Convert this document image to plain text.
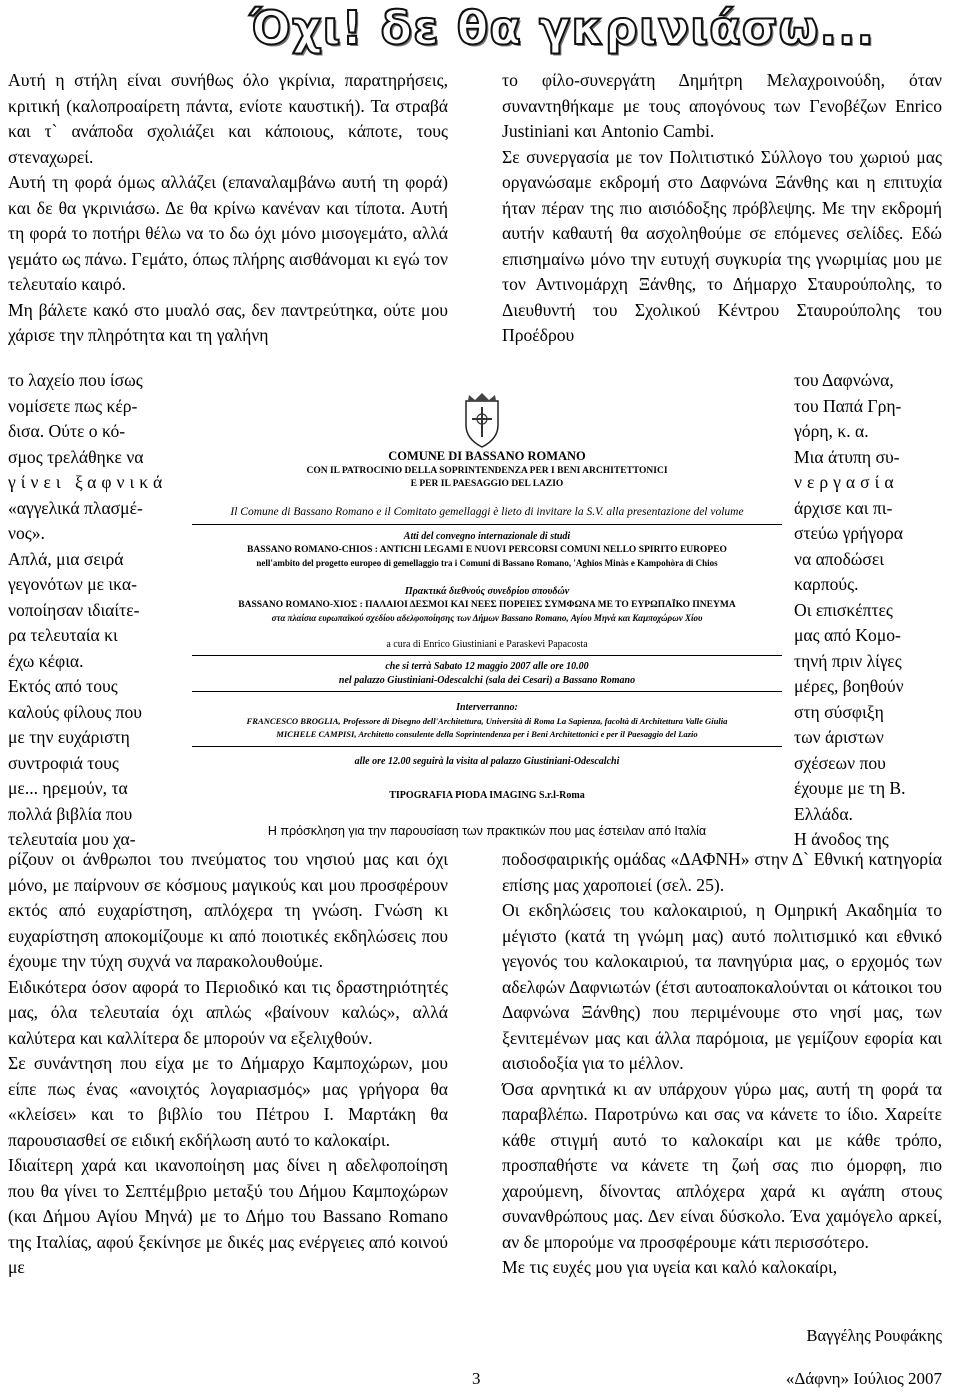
Όχι! δε θα γκρινιάσω...

Αυτή η στήλη είναι συνήθως όλο γκρίνια, παρατηρήσεις, κριτική (καλοπροαίρετη πάντα, ενίοτε καυστική). Τα στραβά και τ` ανάποδα σχολιάζει και κάποιους, κάποτε, τους στεναχωρεί.

Αυτή τη φορά όμως αλλάζει (επαναλαμβάνω αυτή τη φορά) και δε θα γκρινιάσω. Δε θα κρίνω κανέναν και τίποτα. Αυτή τη φορά το ποτήρι θέλω να το δω όχι μόνο μισογεμάτο, αλλά γεμάτο ως πάνω. Γεμάτο, όπως πλήρης αισθάνομαι κι εγώ τον τελευταίο καιρό.

Μη βάλετε κακό στο μυαλό σας, δεν παντρεύτηκα, ούτε μου χάρισε την πληρότητα και τη γαλήνη

το φίλο-συνεργάτη Δημήτρη Μελαχροινούδη, όταν συναντηθήκαμε με τους απογόνους των Γενοβέζων Enrico Justiniani και Antonio Cambi.

Σε συνεργασία με τον Πολιτιστικό Σύλλογο του χωριού μας οργανώσαμε εκδρομή στο Δαφνώνα Ξάνθης και η επιτυχία ήταν πέραν της πιο αισιόδοξης πρόβλεψης. Με την εκδρομή αυτήν καθαυτή θα ασχοληθούμε σε επόμενες σελίδες. Εδώ επισημαίνω μόνο την ευτυχή συγκυρία της γνωριμίας μου με τον Αντινομάρχη Ξάνθης, το Δήμαρχο Σταυρούπολης, το Διευθυντή του Σχολικού Κέντρου Σταυρούπολης του Προέδρου

το λαχείο που ίσως
νομίσετε πως κέρ-
δισα. Ούτε ο κό-
σμος τρελάθηκε να
γίνει ξαφνικά
«αγγελικά πλασμέ-
νος».
Απλά, μια σειρά
γεγονότων με ικα-
νοποίησαν ιδιαίτε-
ρα τελευταία κι
έχω κέφια.
Εκτός από τους
καλούς φίλους που
με την ευχάριστη
συντροφιά τους
με... ηρεμούν, τα
πολλά βιβλία που
τελευταία μου χα-
του Δαφνώνα,
του Παπά Γρη-
γόρη, κ. α.
Μια άτυπη συ-
νεργασία
άρχισε και πι-
στεύω γρήγορα
να αποδώσει
καρπούς.
Οι επισκέπτες
μας από Κομο-
τηνή πριν λίγες
μέρες, βοηθούν
στη σύσφιξη
των άριστων
σχέσεων που
έχουμε με τη Β.
Ελλάδα.
Η άνοδος της
COMUNE DI BASSANO ROMANO
CON IL PATROCINIO DELLA SOPRINTENDENZA PER I BENI ARCHITETTONICI
E PER IL PAESAGGIO DEL LAZIO
Il Comune di Bassano Romano e il Comitato gemellaggi è lieto di invitare la S.V. alla presentazione del volume
Atti del convegno internazionale di studi
BASSANO ROMANO-CHIOS : ANTICHI LEGAMI E NUOVI PERCORSI COMUNI NELLO SPIRITO EUROPEO
nell'ambito del progetto europeo di gemellaggio tra i Comuni di Bassano Romano, 'Aghios Minàs e Kampohòra di Chios
Πρακτικά διεθνούς συνεδρίου σπουδών
BASSANO ROMANO-ΧΙΟΣ : ΠΑΛΑΙΟΙ ΔΕΣΜΟΙ ΚΑΙ ΝΕΕΣ ΠΟΡΕΙΕΣ ΣΥΜΦΩΝΑ ΜΕ ΤΟ ΕΥΡΩΠΑΪΚΟ ΠΝΕΥΜΑ
στα πλαίσια ευρωπαϊκού σχεδίου αδελφοποίησης των Δήμων Bassano Romano, Αγίου Μηνά και Καμποχώρων Χίου
a cura di Enrico Giustiniani e Paraskevi Papacosta
che si terrà Sabato 12 maggio 2007 alle ore 10.00
nel palazzo Giustiniani-Odescalchi (sala dei Cesari) a Bassano Romano
Interverranno:
FRANCESCO BROGLIA, Professore di Disegno dell'Architettura, Università di Roma La Sapienza, facoltà di Architettura Valle Giulia
MICHELE CAMPISI, Architetto consulente della Soprintendenza per i Beni Architettonici e per il Paesaggio del Lazio
alle ore 12.00 seguirà la visita al palazzo Giustiniani-Odescalchi
TIPOGRAFIA PIODA IMAGING S.r.l-Roma
Η πρόσκληση για την παρουσίαση των πρακτικών που μας έστειλαν από Ιταλία

ρίζουν οι άνθρωποι του πνεύματος του νησιού μας και όχι μόνο, με παίρνουν σε κόσμους μαγικούς και μου προσφέρουν εκτός από ευχαρίστηση, απλόχερα τη γνώση. Γνώση κι ευχαρίστηση αποκομίζουμε κι από ποιοτικές εκδηλώσεις που έχουμε την τύχη συχνά να παρακολουθούμε.

Ειδικότερα όσον αφορά το Περιοδικό και τις δραστηριότητές μας, όλα τελευταία όχι απλώς «βαίνουν καλώς», αλλά καλύτερα και καλλίτερα δε μπορούν να εξελιχθούν.

Σε συνάντηση που είχα με το Δήμαρχο Καμποχώρων, μου είπε πως ένας «ανοιχτός λογαριασμός» μας γρήγορα θα «κλείσει» και το βιβλίο του Πέτρου Ι. Μαρτάκη θα παρουσιασθεί σε ειδική εκδήλωση αυτό το καλοκαίρι.

Ιδιαίτερη χαρά και ικανοποίηση μας δίνει η αδελφοποίηση που θα γίνει το Σεπτέμβριο μεταξύ του Δήμου Καμποχώρων (και Δήμου Αγίου Μηνά) με το Δήμο του Bassano Romano της Ιταλίας, αφού ξεκίνησε με δικές μας ενέργειες από κοινού με

ποδοσφαιρικής ομάδας «ΔΑΦΝΗ» στην Δ` Εθνική κατηγορία επίσης μας χαροποιεί (σελ. 25).

Οι εκδηλώσεις του καλοκαιριού, η Ομηρική Ακαδημία το μέγιστο (κατά τη γνώμη μας) αυτό πολιτισμικό και εθνικό γεγονός του καλοκαιριού, τα πανηγύρια μας, ο ερχομός των αδελφών Δαφνιωτών (έτσι αυτοαποκαλούνται οι κάτοικοι του Δαφνώνα Ξάνθης) που περιμένουμε στο νησί μας, των ξενιτεμένων μας και άλλα παρόμοια, με γεμίζουν εφορία και αισιοδοξία για το μέλλον.

Όσα αρνητικά κι αν υπάρχουν γύρω μας, αυτή τη φορά τα παραβλέπω. Παροτρύνω και σας να κάνετε το ίδιο. Χαρείτε κάθε στιγμή αυτό το καλοκαίρι και με κάθε τρόπο, προσπαθήστε να κάνετε τη ζωή σας πιο όμορφη, πιο χαρούμενη, δίνοντας απλόχερα χαρά κι αγάπη στους συνανθρώπους μας. Δεν είναι δύσκολο. Ένα χαμόγελο αρκεί, αν δε μπορούμε να προσφέρουμε κάτι περισσότερο.

Με τις ευχές μου για υγεία και καλό καλοκαίρι,

Βαγγέλης Ρουφάκης
3	«Δάφνη» Ιούλιος 2007
